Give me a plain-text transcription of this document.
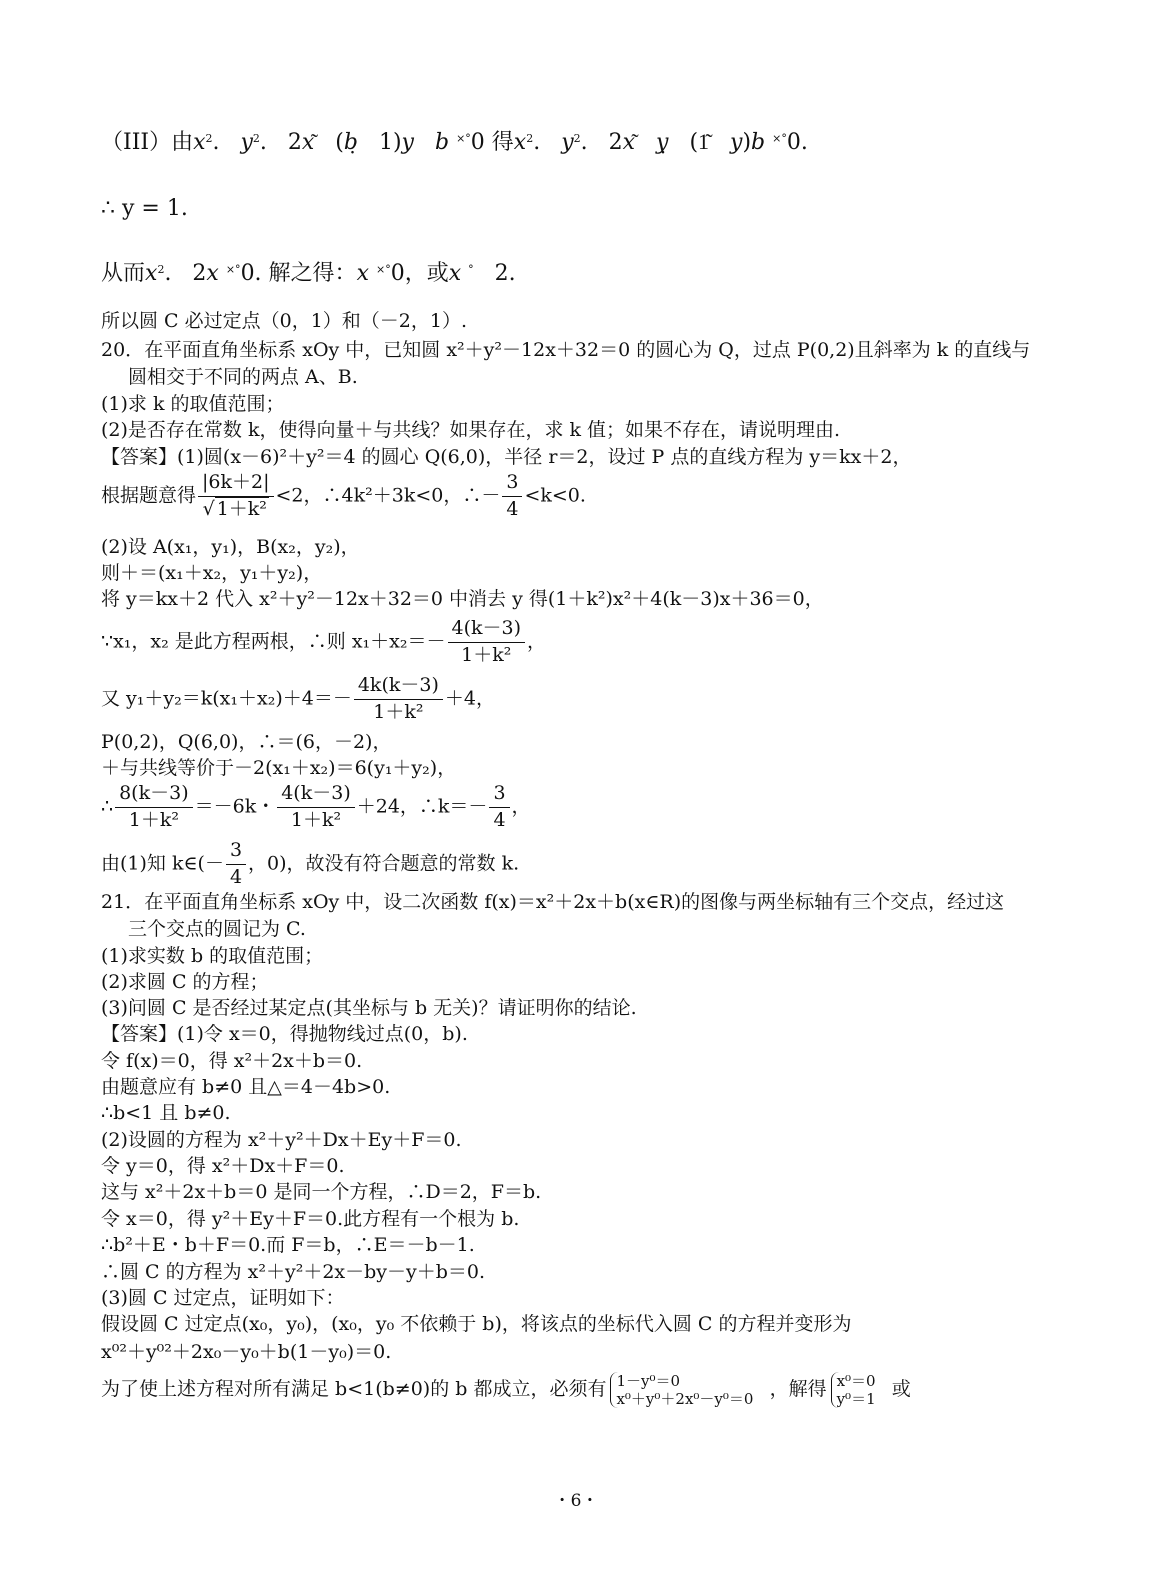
（III）由$x^2$.   $y^2$.   2x͂   (ḅ   1)y b ×°0 得$x^2$.   $y^2$.   2x͂   ỵ   (1͂   y)b ×°0.
∴ y = 1.
从而$x^2$.   2x ×°0. 解之得：x ×°0，或x °   2.
所以圆 C 必过定点（0，1）和（－2，1）.
20．在平面直角坐标系 xOy 中，已知圆 x²＋y²－12x＋32＝0 的圆心为 Q，过点 P(0,2)且斜率为 k 的直线与
圆相交于不同的两点 A、B.
(1)求 k 的取值范围；
(2)是否存在常数 k，使得向量＋与共线？如果存在，求 k 值；如果不存在，请说明理由.
【答案】(1)圆(x－6)²＋y²＝4 的圆心 Q(6,0)，半径 r＝2，设过 P 点的直线方程为 y＝kx＋2，
根据题意得 $\frac{|6k+2|}{\text{√ 1＋k²}} <2$，∴4k²＋3k<0，∴－ $\frac{3}{4} <k<0$.
(2)设 A(x₁，y₁)，B(x₂，y₂)，
则＋＝(x₁＋x₂，y₁＋y₂)，
将 y＝kx＋2 代入 x²＋y²－12x＋32＝0 中消去 y 得(1＋k²)x²＋4(k－3)x＋36＝0，
∵x₁，x₂ 是此方程两根，∴则 $x_1+x_2=- \frac{4(k-3)}{\text{1＋k²}}$ ，
又 $y_1+y_2=k(x_1+x_2)+4=- \frac{4k(k-3)}{\text{1＋k²}} +4$，
P(0,2)，Q(6,0)，∴＝(6，－2)，
＋与共线等价于－2(x₁＋x₂)＝6(y₁＋y₂)，
∴ $\frac{8(k-3)}{\text{1＋k²}} =-6k$・ $\frac{4(k-3)}{\text{1＋k²}} +24$，∴k＝－ $\frac{3}{4}$ ，
由(1)知 k∈(－ $\frac{3}{4}$ ，0)，故没有符合题意的常数 k.
21．在平面直角坐标系 xOy 中，设二次函数 f(x)＝x²＋2x＋b(x∈R)的图像与两坐标轴有三个交点，经过这
三个交点的圆记为 C.
(1)求实数 b 的取值范围；
(2)求圆 C 的方程；
(3)问圆 C 是否经过某定点(其坐标与 b 无关)？请证明你的结论.
【答案】(1)令 x＝0，得抛物线过点(0，b).
令 f(x)＝0，得 x²＋2x＋b＝0.
由题意应有 b≠0 且△＝4－4b>0.
∴b<1 且 b≠0.
(2)设圆的方程为 x²＋y²＋Dx＋Ey＋F＝0.
令 y＝0，得 x²＋Dx＋F＝0.
这与 x²＋2x＋b＝0 是同一个方程，∴D＝2，F＝b.
令 x＝0，得 y²＋Ey＋F＝0.此方程有一个根为 b.
∴b²＋E・b＋F＝0.而 F＝b，∴E＝－b－1.
∴圆 C 的方程为 x²＋y²＋2x－by－y＋b＝0.
(3)圆 C 过定点，证明如下：
假设圆 C 过定点(x₀，y₀)，(x₀，y₀ 不依赖于 b)，将该点的坐标代入圆 C 的方程并变形为
x⁰²＋y⁰²＋2x₀－y₀＋b(1－y₀)＝0.
为了使上述方程对所有满足 b<1(b≠0)的 b 都成立，必须有 1－y⁰＝0
x⁰＋y⁰＋2x⁰－y⁰＝0 ，解得 x⁰＝0
y⁰＝1 或
・6・
